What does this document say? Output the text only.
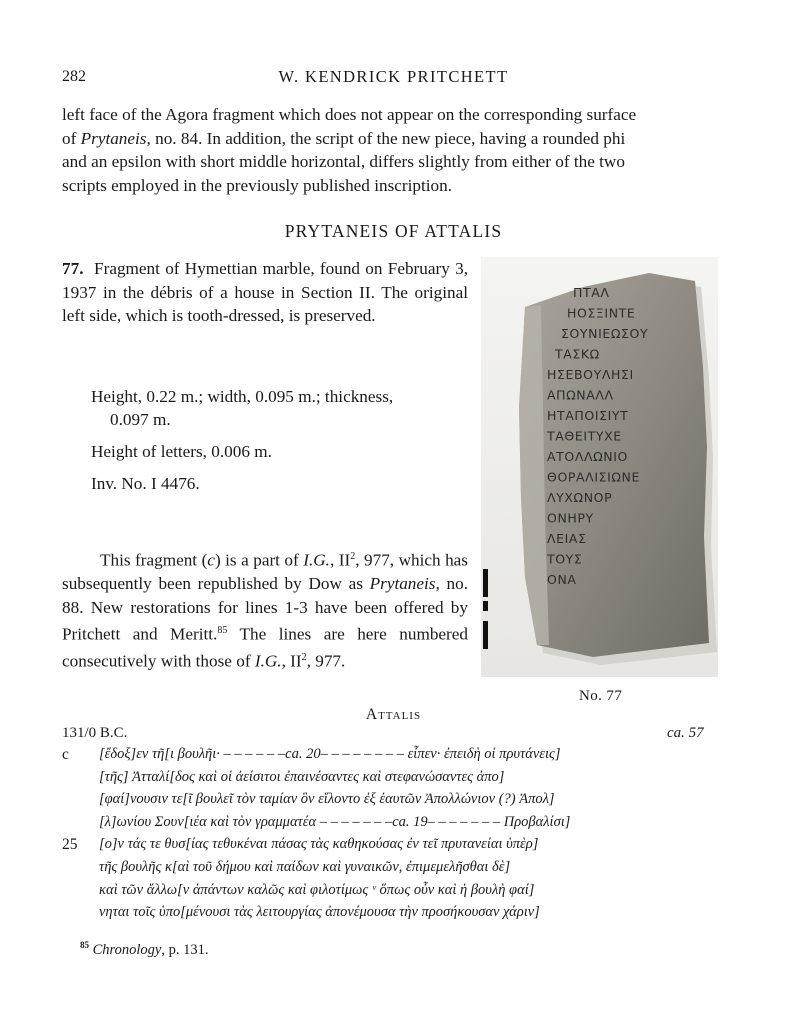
282	W. KENDRICK PRITCHETT

left face of the Agora fragment which does not appear on the corresponding surface

of Prytaneis, no. 84. In addition, the script of the new piece, having a rounded phi

and an epsilon with short middle horizontal, differs slightly from either of the two

scripts employed in the previously published inscription.

PRYTANEIS OF ATTALIS

77. Fragment of Hymettian marble, found on February 3, 1937 in the débris of a house in Section II. The original left side, which is tooth-dressed, is preserved.

Height, 0.22 m.; width, 0.095 m.; thickness,
0.097 m.

Height of letters, 0.006 m.

Inv. No. I 4476.

This fragment (c) is a part of I.G., $II^2$, 977, which has subsequently been republished by Dow as Prytaneis, no. 88. New restorations for lines 1-3 have been offered by Pritchett and Meritt.$^{85}$ The lines are here numbered consecutively with those of I.G., $II^2$, 977.

ΠΤΑΛ
ΗΟΣΞΙΝΤΕ
ΣΟΥΝΙΕΩΣΟΥ
ΤΑΣΚΩ
ΗΣΕΒΟΥΛΗΣΙ
ΑΠΩΝΑΛΛ
ΗΤΑΠΟΙΣΙΥΤ
ΤΑΘΕΙΤΥΧΕ
ΑΤΟΛΛΩΝΙΟ
ΘΟΡΑΛΙΣΙΩΝΕ
ΛΥΧΩΝΟΡ
ΟΝΗΡΥ
ΛΕΙΑΣ
ΤΟΥΣ
ΟΝΑ
No. 77
Attalis
131/0 B.C.	ca. 57
c [ἔδοξ]εν τῆ[ι βουλῆι· – – – – – –ca. 20– – – – – – – – εἶπεν· ἐπειδὴ οἱ πρυτάνεις]
[τῆς] Ἀτταλί[δος καὶ οἱ ἀείσιτοι ἐπαινέσαντες καὶ στεφανώσαντες ἀπο]
[φαί]νουσιν τε[ῖ βουλεῖ τὸν ταμίαν ὃν εἵλοντο ἐξ ἑαυτῶν Ἀπολλώνιον (?) Ἀπολ]
[λ]ωνίου Σουν[ιέα καὶ τὸν γραμματέα – – – – – – –ca. 19– – – – – – – Προβαλίσι]
25 [ο]ν τάς τε θυσ[ίας τεθυκέναι πάσας τὰς καθηκούσας ἐν τεῖ πρυτανείαι ὑπὲρ]
τῆς βουλῆς κ[αὶ τοῦ δήμου καὶ παίδων καὶ γυναικῶν, ἐπιμεμελῆσθαι δὲ]
καὶ τῶν ἄλλω[ν ἁπάντων καλῶς καὶ φιλοτίμως ᵛ ὅπως οὖν καὶ ἡ βουλὴ φαί]
νηται τοῖς ὑπο[μένουσι τὰς λειτουργίας ἀπονέμουσα τὴν προσήκουσαν χάριν]
$^{85}$ Chronology, p. 131.
